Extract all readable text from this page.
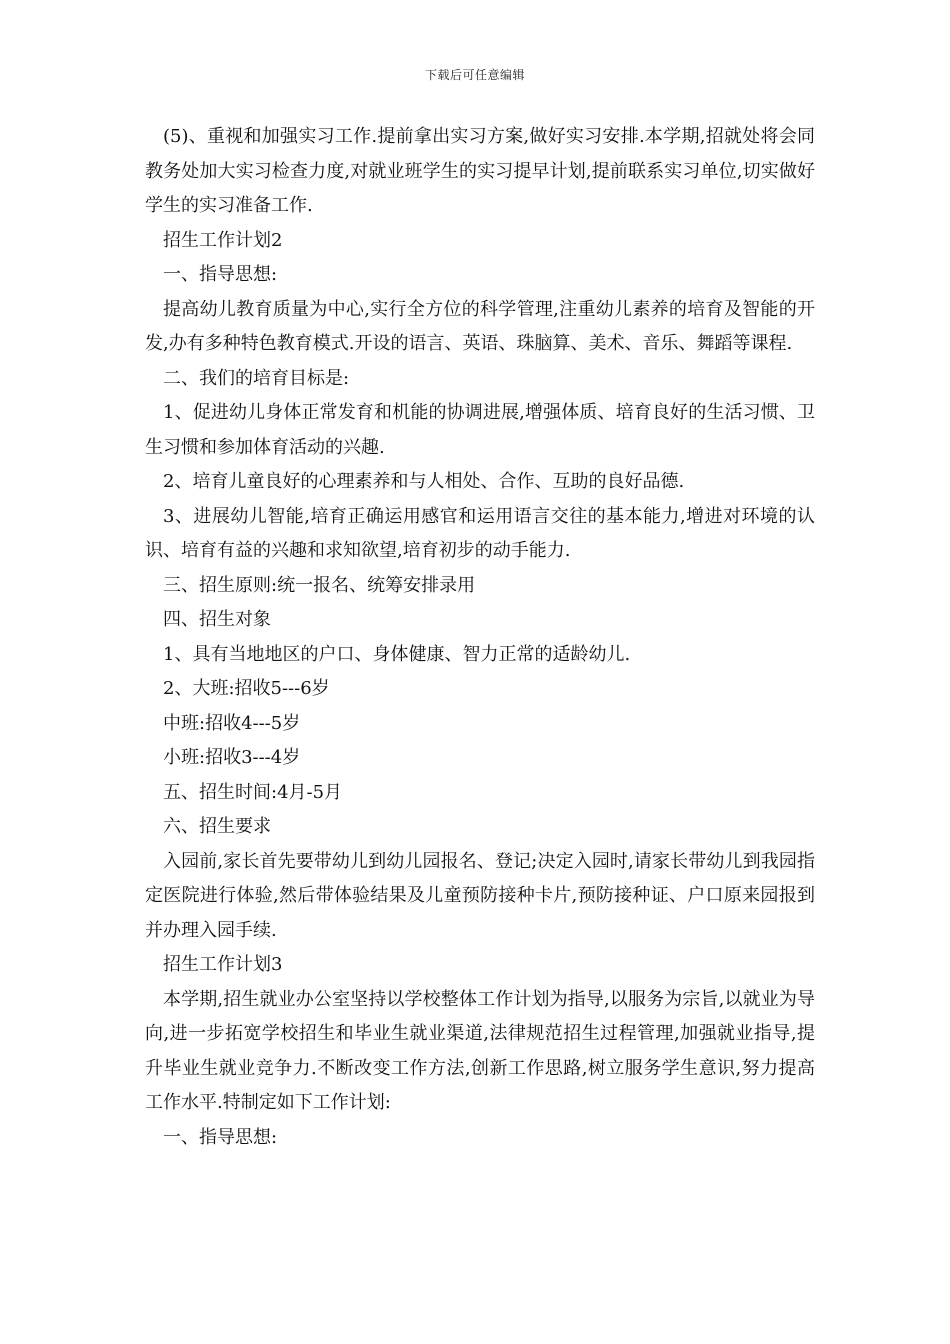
下载后可任意编辑

(5)、重视和加强实习工作.提前拿出实习方案,做好实习安排.本学期,招就处将会同教务处加大实习检查力度,对就业班学生的实习提早计划,提前联系实习单位,切实做好学生的实习准备工作.

招生工作计划2

一、指导思想:

提高幼儿教育质量为中心,实行全方位的科学管理,注重幼儿素养的培育及智能的开发,办有多种特色教育模式.开设的语言、英语、珠脑算、美术、音乐、舞蹈等课程.

二、我们的培育目标是:

1、促进幼儿身体正常发育和机能的协调进展,增强体质、培育良好的生活习惯、卫生习惯和参加体育活动的兴趣.

2、培育儿童良好的心理素养和与人相处、合作、互助的良好品德.

3、进展幼儿智能,培育正确运用感官和运用语言交往的基本能力,增进对环境的认识、培育有益的兴趣和求知欲望,培育初步的动手能力.

三、招生原则:统一报名、统筹安排录用

四、招生对象

1、具有当地地区的户口、身体健康、智力正常的适龄幼儿.

2、大班:招收5---6岁

中班:招收4---5岁

小班:招收3---4岁

五、招生时间:4月-5月

六、招生要求

入园前,家长首先要带幼儿到幼儿园报名、登记;决定入园时,请家长带幼儿到我园指定医院进行体验,然后带体验结果及儿童预防接种卡片,预防接种证、户口原来园报到并办理入园手续.

招生工作计划3

本学期,招生就业办公室坚持以学校整体工作计划为指导,以服务为宗旨,以就业为导向,进一步拓宽学校招生和毕业生就业渠道,法律规范招生过程管理,加强就业指导,提升毕业生就业竞争力.不断改变工作方法,创新工作思路,树立服务学生意识,努力提高工作水平.特制定如下工作计划:

一、指导思想:
